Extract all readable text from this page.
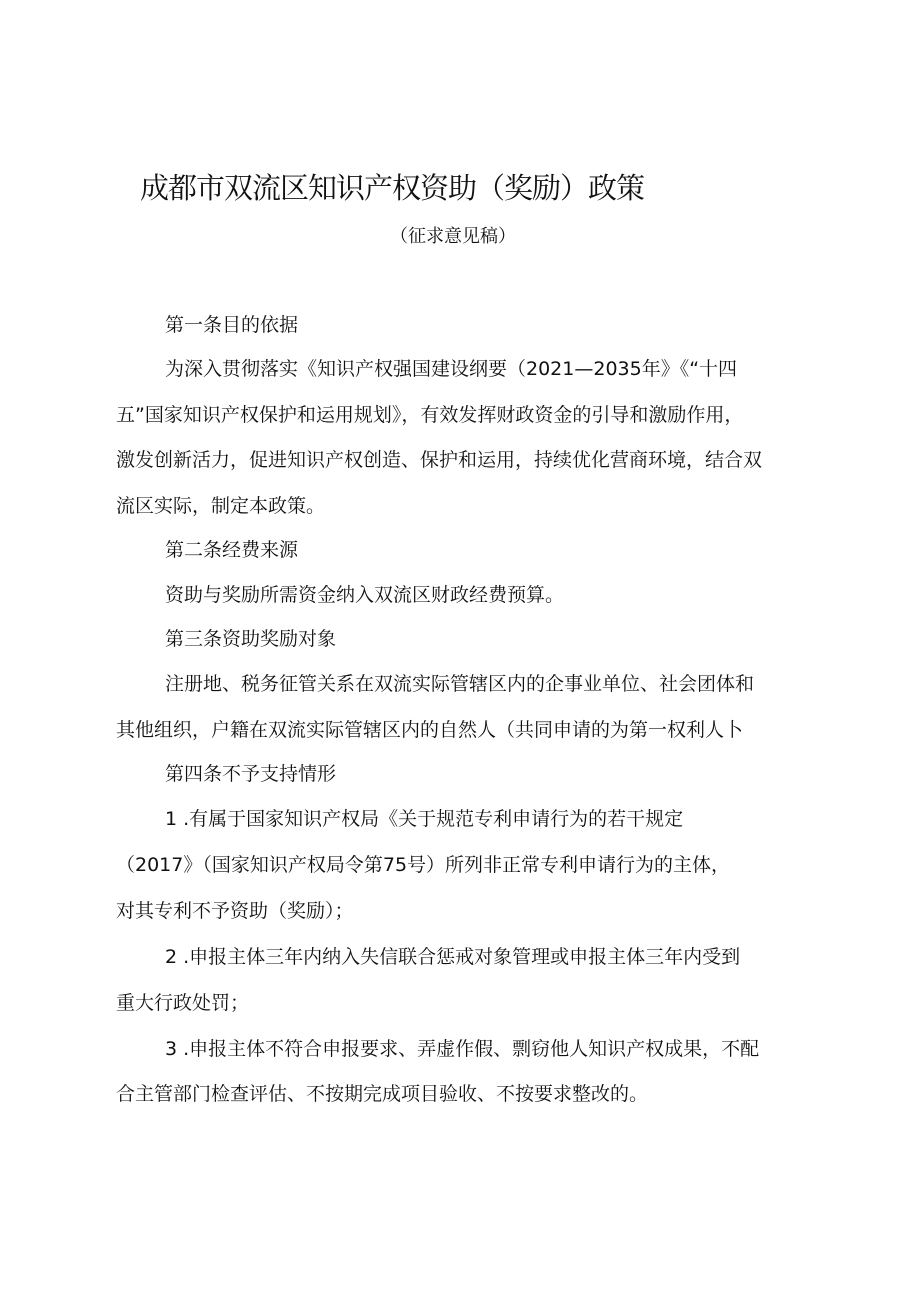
成都市双流区知识产权资助（奖励）政策
（征求意见稿）
第一条目的依据
为深入贯彻落实《知识产权强国建设纲要（2021—2035年》《“十四
五”国家知识产权保护和运用规划》，有效发挥财政资金的引导和激励作用，
激发创新活力，促进知识产权创造、保护和运用，持续优化营商环境，结合双
流区实际，制定本政策。
第二条经费来源
资助与奖励所需资金纳入双流区财政经费预算。
第三条资助奖励对象
注册地、税务征管关系在双流实际管辖区内的企事业单位、社会团体和
其他组织，户籍在双流实际管辖区内的自然人（共同申请的为第一权利人卜
第四条不予支持情形
1 .有属于国家知识产权局《关于规范专利申请行为的若干规定
（2017》（国家知识产权局令第75号）所列非正常专利申请行为的主体，
对其专利不予资助（奖励）；
2 .申报主体三年内纳入失信联合惩戒对象管理或申报主体三年内受到
重大行政处罚；
3 .申报主体不符合申报要求、弄虚作假、剽窃他人知识产权成果，不配
合主管部门检查评估、不按期完成项目验收、不按要求整改的。
